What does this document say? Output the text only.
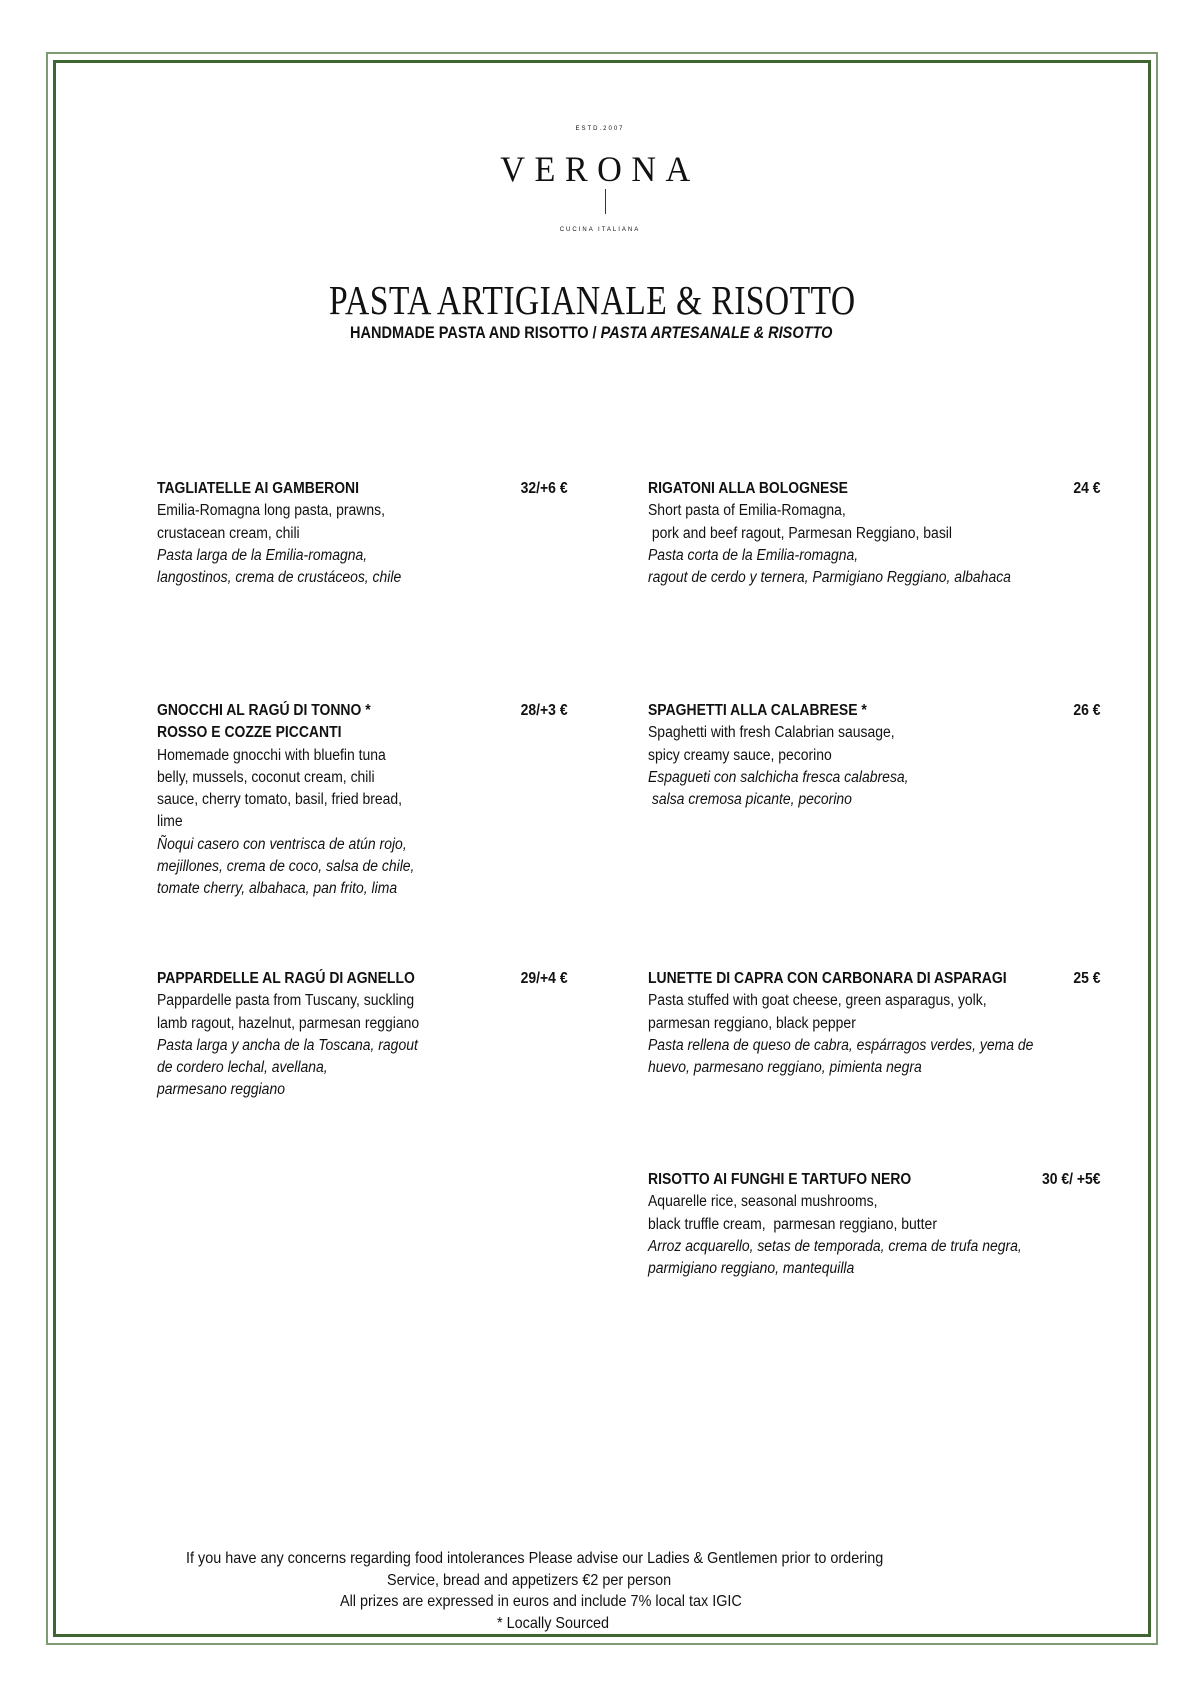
ESTD.2007
VERONA
CUCINA ITALIANA
PASTA ARTIGIANALE & RISOTTO
HANDMADE PASTA AND RISOTTO / PASTA ARTESANALE & RISOTTO
TAGLIATELLE AI GAMBERONI	32/+6 €
Emilia-Romagna long pasta, prawns,
crustacean cream, chili
Pasta larga de la Emilia-romagna,
langostinos, crema de crustáceos, chile
RIGATONI ALLA BOLOGNESE	24 €
Short pasta of Emilia-Romagna,
pork and beef ragout, Parmesan Reggiano, basil
Pasta corta de la Emilia-romagna,
ragout de cerdo y ternera, Parmigiano Reggiano, albahaca
GNOCCHI AL RAGÚ DI TONNO *	28/+3 €
ROSSO E COZZE PICCANTI
Homemade gnocchi with bluefin tuna
belly, mussels, coconut cream, chili
sauce, cherry tomato, basil, fried bread,
lime
Ñoqui casero con ventrisca de atún rojo,
mejillones, crema de coco, salsa de chile,
tomate cherry, albahaca, pan frito, lima
SPAGHETTI ALLA CALABRESE *	26 €
Spaghetti with fresh Calabrian sausage,
spicy creamy sauce, pecorino
Espagueti con salchicha fresca calabresa,
salsa cremosa picante, pecorino
PAPPARDELLE AL RAGÚ DI AGNELLO	29/+4 €
Pappardelle pasta from Tuscany, suckling
lamb ragout, hazelnut, parmesan reggiano
Pasta larga y ancha de la Toscana, ragout
de cordero lechal, avellana,
parmesano reggiano
LUNETTE DI CAPRA CON CARBONARA DI ASPARAGI	25 €
Pasta stuffed with goat cheese, green asparagus, yolk,
parmesan reggiano, black pepper
Pasta rellena de queso de cabra, espárragos verdes, yema de
huevo, parmesano reggiano, pimienta negra
RISOTTO AI FUNGHI E TARTUFO NERO	30 €/ +5€
Aquarelle rice, seasonal mushrooms,
black truffle cream,  parmesan reggiano, butter
Arroz acquarello, setas de temporada, crema de trufa negra,
parmigiano reggiano, mantequilla
If you have any concerns regarding food intolerances Please advise our Ladies & Gentlemen prior to ordering
Service, bread and appetizers €2 per person
All prizes are expressed in euros and include 7% local tax IGIC
* Locally Sourced
